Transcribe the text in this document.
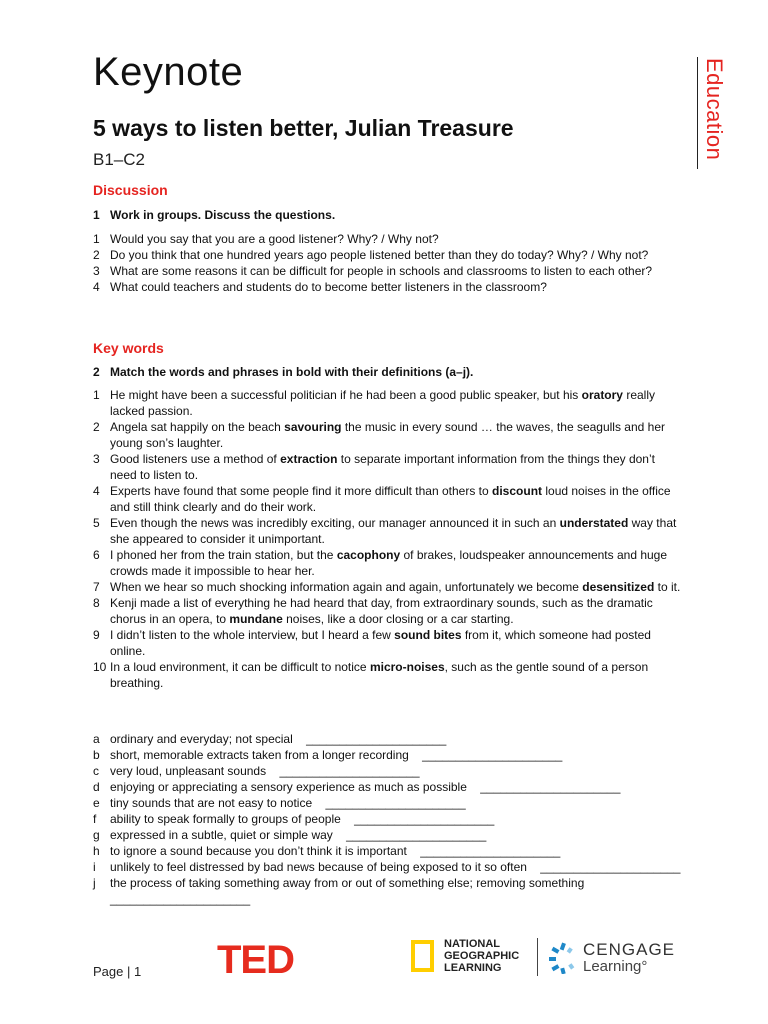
Keynote
5 ways to listen better, Julian Treasure
B1–C2	Education
Discussion
1 Work in groups. Discuss the questions.
1 Would you say that you are a good listener? Why? / Why not?
2 Do you think that one hundred years ago people listened better than they do today? Why? / Why not?
3 What are some reasons it can be difficult for people in schools and classrooms to listen to each other?
4 What could teachers and students do to become better listeners in the classroom?
Key words
2 Match the words and phrases in bold with their definitions (a–j).
1 He might have been a successful politician if he had been a good public speaker, but his oratory really lacked passion.
2 Angela sat happily on the beach savouring the music in every sound … the waves, the seagulls and her young son’s laughter.
3 Good listeners use a method of extraction to separate important information from the things they don’t need to listen to.
4 Experts have found that some people find it more difficult than others to discount loud noises in the office and still think clearly and do their work.
5 Even though the news was incredibly exciting, our manager announced it in such an understated way that she appeared to consider it unimportant.
6 I phoned her from the train station, but the cacophony of brakes, loudspeaker announcements and huge crowds made it impossible to hear her.
7 When we hear so much shocking information again and again, unfortunately we become desensitized to it.
8 Kenji made a list of everything he had heard that day, from extraordinary sounds, such as the dramatic chorus in an opera, to mundane noises, like a door closing or a car starting.
9 I didn’t listen to the whole interview, but I heard a few sound bites from it, which someone had posted online.
10 In a loud environment, it can be difficult to notice micro-noises, such as the gentle sound of a person breathing.
a ordinary and everyday; not special _____________________
b short, memorable extracts taken from a longer recording _____________________
c very loud, unpleasant sounds _____________________
d enjoying or appreciating a sensory experience as much as possible _____________________
e tiny sounds that are not easy to notice _____________________
f ability to speak formally to groups of people _____________________
g expressed in a subtle, quiet or simple way _____________________
h to ignore a sound because you don’t think it is important _____________________
i unlikely to feel distressed by bad news because of being exposed to it so often _____________________
j the process of taking something away from or out of something else; removing something    _____________________
Page | 1 TED	NATIONAL
GEOGRAPHIC
LEARNING
CENGAGE
Learning°
